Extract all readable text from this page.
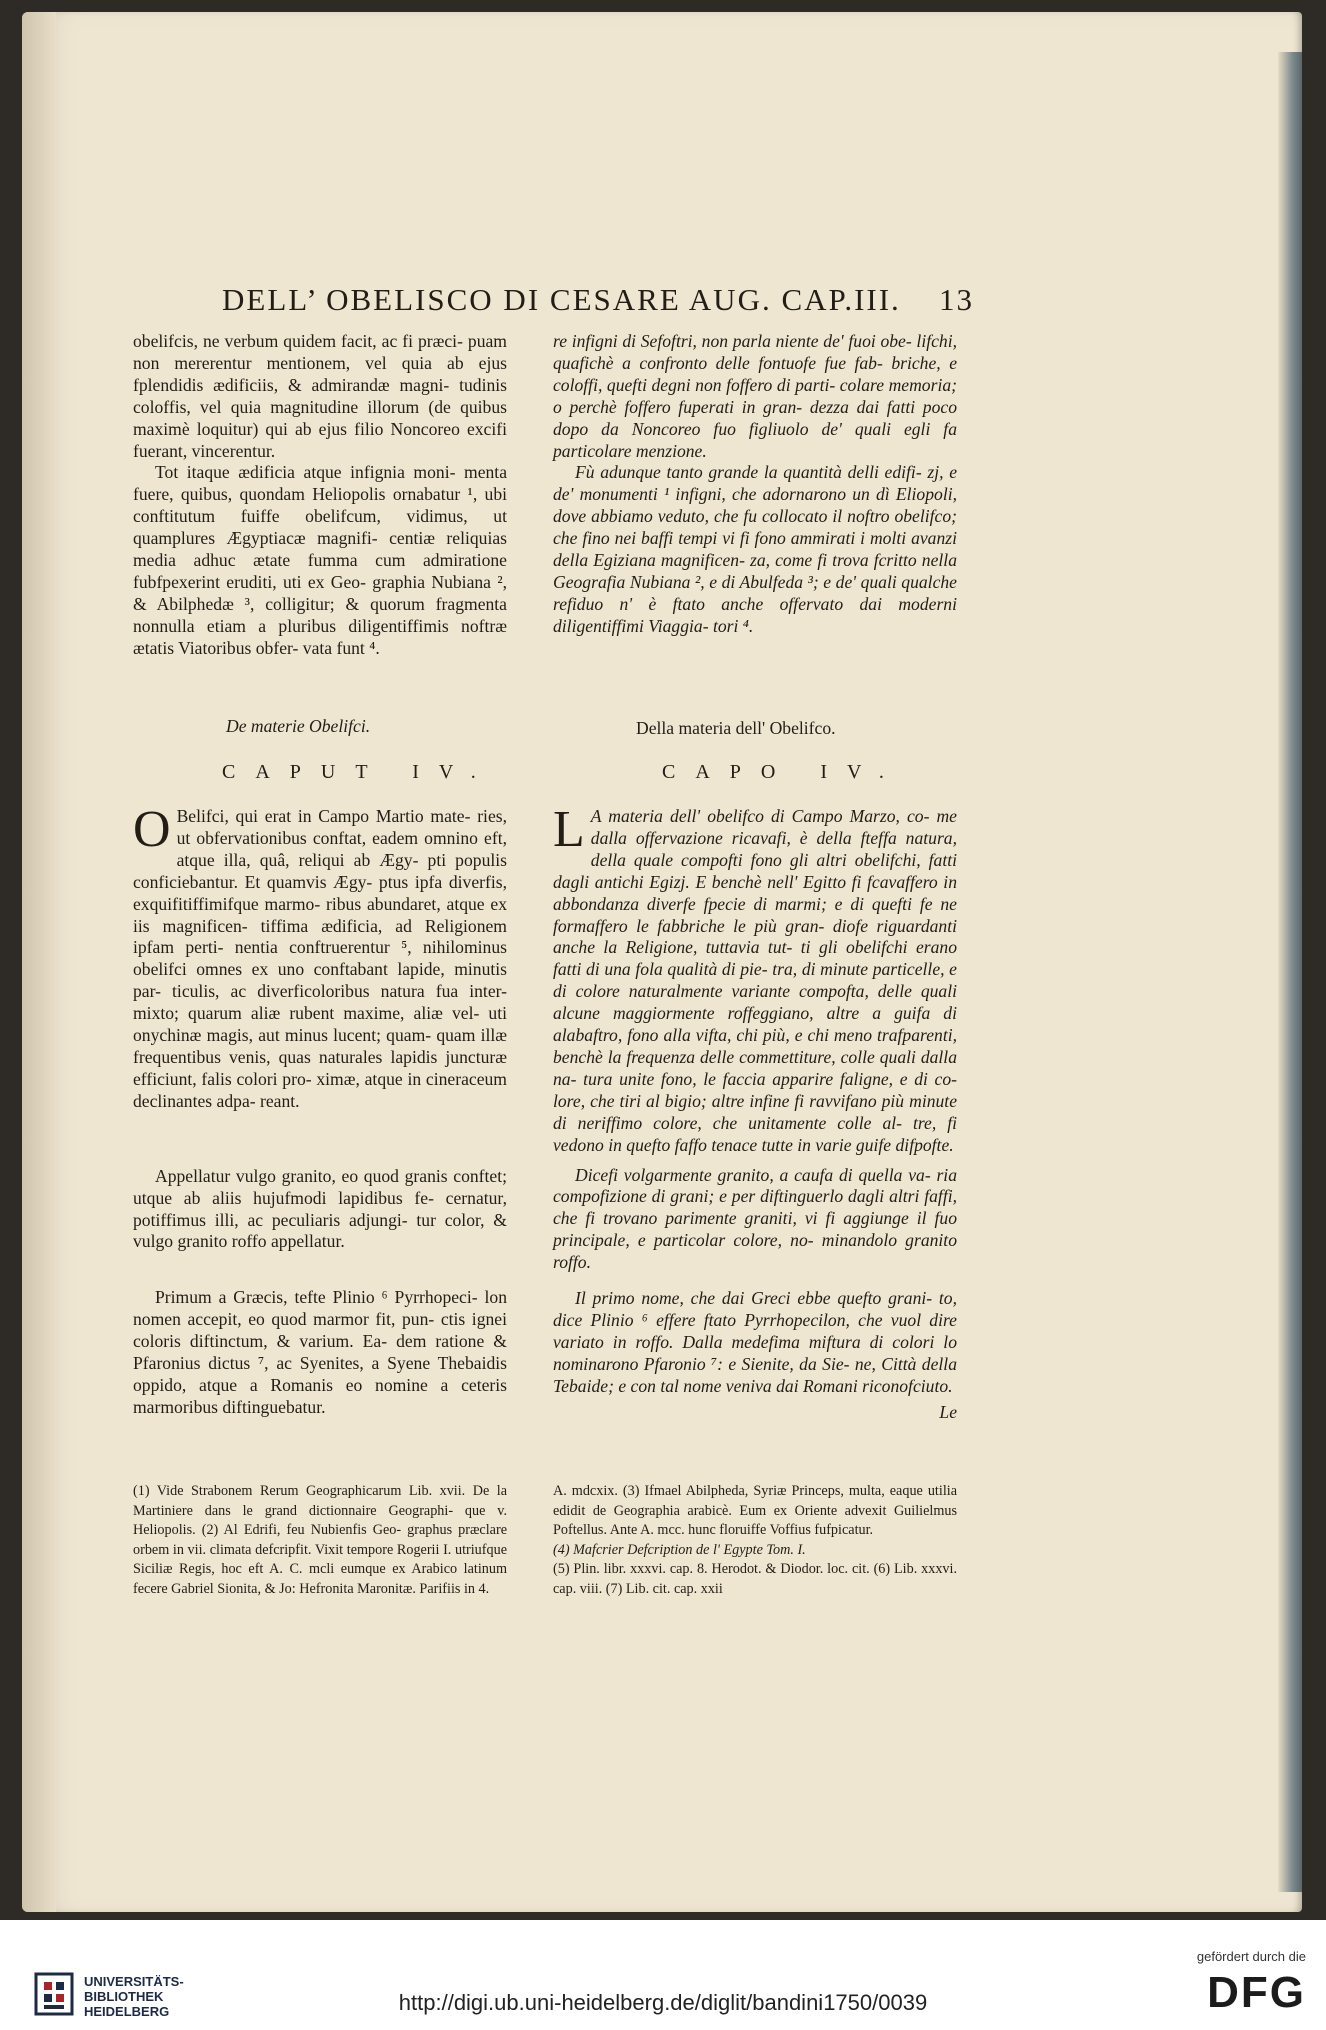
DELL’ OBELISCO DI CESARE AUG. CAP.III. 13

obelifcis, ne verbum quidem facit, ac fi præci- puam non mererentur mentionem, vel quia ab ejus fplendidis ædificiis, & admirandæ magni- tudinis coloffis, vel quia magnitudine illorum (de quibus maximè loquitur) qui ab ejus filio Noncoreo excifi fuerant, vincerentur.

Tot itaque ædificia atque infignia moni- menta fuere, quibus, quondam Heliopolis ornabatur ¹, ubi conftitutum fuiffe obelifcum, vidimus, ut quamplures Ægyptiacæ magnifi- centiæ reliquias media adhuc ætate fumma cum admiratione fubfpexerint eruditi, uti ex Geo- graphia Nubiana ², & Abilphedæ ³, colligitur; & quorum fragmenta nonnulla etiam a pluribus diligentiffimis noftræ ætatis Viatoribus obfer- vata funt ⁴.

re infigni di Sefoftri, non parla niente de' fuoi obe- lifchi, quafichè a confronto delle fontuofe fue fab- briche, e coloffi, quefti degni non foffero di parti- colare memoria; o perchè foffero fuperati in gran- dezza dai fatti poco dopo da Noncoreo fuo figliuolo de' quali egli fa particolare menzione.

Fù adunque tanto grande la quantità delli edifi- zj, e de' monumenti ¹ infigni, che adornarono un dì Eliopoli, dove abbiamo veduto, che fu collocato il noftro obelifco; che fino nei baffi tempi vi fi fono ammirati i molti avanzi della Egiziana magnificen- za, come fi trova fcritto nella Geografia Nubiana ², e di Abulfeda ³; e de' quali qualche refiduo n' è ftato anche offervato dai moderni diligentiffimi Viaggia- tori ⁴.

De materie Obelifci.	Della materia dell' Obelifco.
CAPUT IV.	CAPO IV.

O Belifci, qui erat in Campo Martio mate- ries, ut obfervationibus conftat, eadem omnino eft, atque illa, quâ, reliqui ab Ægy- pti populis conficiebantur. Et quamvis Ægy- ptus ipfa diverfis, exquifitiffimifque marmo- ribus abundaret, atque ex iis magnificen- tiffima ædificia, ad Religionem ipfam perti- nentia conftruerentur ⁵, nihilominus obelifci omnes ex uno conftabant lapide, minutis par- ticulis, ac diverficoloribus natura fua inter- mixto; quarum aliæ rubent maxime, aliæ vel- uti onychinæ magis, aut minus lucent; quam- quam illæ frequentibus venis, quas naturales lapidis juncturæ efficiunt, falis colori pro- ximæ, atque in cineraceum declinantes adpa- reant.

Appellatur vulgo granito, eo quod granis conftet; utque ab aliis hujufmodi lapidibus fe- cernatur, potiffimus illi, ac peculiaris adjungi- tur color, & vulgo granito roffo appellatur.

Primum a Græcis, tefte Plinio ⁶ Pyrrhopeci- lon nomen accepit, eo quod marmor fit, pun- ctis ignei coloris diftinctum, & varium. Ea- dem ratione & Pfaronius dictus ⁷, ac Syenites, a Syene Thebaidis oppido, atque a Romanis eo nomine a ceteris marmoribus diftinguebatur.

L A materia dell' obelifco di Campo Marzo, co- me dalla offervazione ricavafi, è della fteffa natura, della quale compofti fono gli altri obelifchi, fatti dagli antichi Egizj. E benchè nell' Egitto fi fcavaffero in abbondanza diverfe fpecie di marmi; e di quefti fe ne formaffero le fabbriche le più gran- diofe riguardanti anche la Religione, tuttavia tut- ti gli obelifchi erano fatti di una fola qualità di pie- tra, di minute particelle, e di colore naturalmente variante compofta, delle quali alcune maggiormente roffeggiano, altre a guifa di alabaftro, fono alla vifta, chi più, e chi meno trafparenti, benchè la frequenza delle commettiture, colle quali dalla na- tura unite fono, le faccia apparire faligne, e di co- lore, che tiri al bigio; altre infine fi ravvifano più minute di neriffimo colore, che unitamente colle al- tre, fi vedono in quefto faffo tenace tutte in varie guife difpofte.

Dicefi volgarmente granito, a caufa di quella va- ria compofizione di grani; e per diftinguerlo dagli altri faffi, che fi trovano parimente graniti, vi fi aggiunge il fuo principale, e particolar colore, no- minandolo granito roffo.

Il primo nome, che dai Greci ebbe quefto grani- to, dice Plinio ⁶ effere ftato Pyrrhopecilon, che vuol dire variato in roffo. Dalla medefima miftura di colori lo nominarono Pfaronio ⁷: e Sienite, da Sie- ne, Città della Tebaide; e con tal nome veniva dai Romani riconofciuto.

Le

(1) Vide Strabonem Rerum Geographicarum Lib. xvii. De la Martiniere dans le grand dictionnaire Geographi- que v. Heliopolis. (2) Al Edrifi, feu Nubienfis Geo- graphus præclare orbem in vii. climata defcripfit. Vixit tempore Rogerii I. utriufque Siciliæ Regis, hoc eft A. C. mcli eumque ex Arabico latinum fecere Gabriel Sionita, & Jo: Hefronita Maronitæ. Parifiis in 4.
A. mdcxix. (3) Ifmael Abilpheda, Syriæ Princeps, multa, eaque utilia edidit de Geographia arabicè. Eum ex Oriente advexit Guilielmus Poftellus. Ante A. mcc. hunc floruiffe Voffius fufpicatur.
(4) Mafcrier Defcription de l' Egypte Tom. I.
(5) Plin. libr. xxxvi. cap. 8. Herodot. & Diodor. loc. cit. (6) Lib. xxxvi. cap. viii. (7) Lib. cit. cap. xxii
UNIVERSITÄTS-
BIBLIOTHEK
HEIDELBERG	http://digi.ub.uni-heidelberg.de/diglit/bandini1750/0039
gefördert durch die
DFG
